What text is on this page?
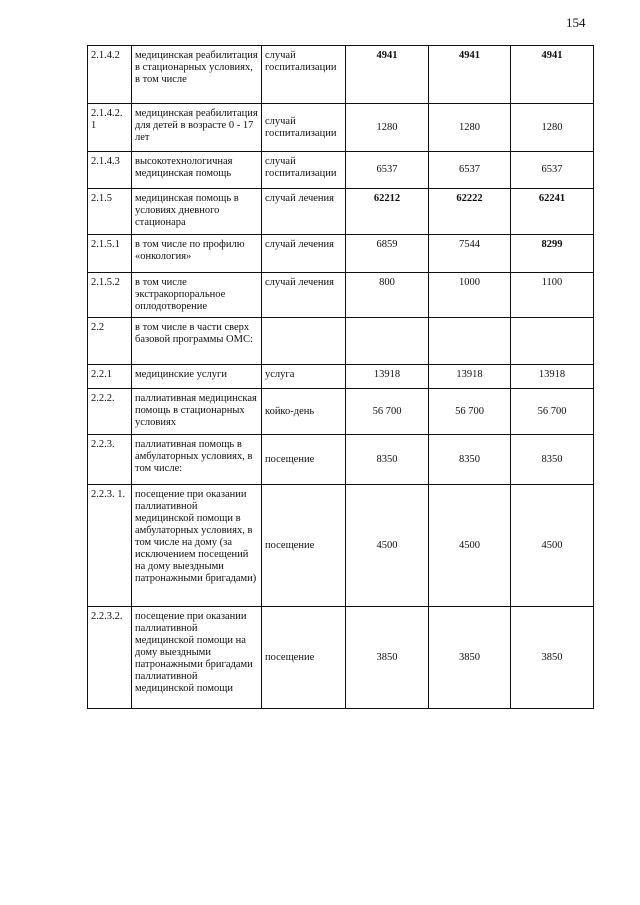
154
2.1.4.2	медицинская реабилитация в стационарных условиях, в том числе	случай госпитализации	4941	4941	4941
2.1.4.2. 1	медицинская реабилитация для детей в возрасте 0 - 17 лет	случай госпитализации	1280	1280	1280
2.1.4.3	высокотехнологичная медицинская помощь	случай госпитализации	6537	6537	6537
2.1.5	медицинская помощь в условиях дневного стационара	случай лечения	62212	62222	62241
2.1.5.1	в том числе по профилю «онкология»	случай лечения	6859	7544	8299
2.1.5.2	в том числе экстракорпоральное оплодотворение	случай лечения	800	1000	1100
2.2	в том числе в части сверх базовой программы ОМС:				
2.2.1	медицинские услуги	услуга	13918	13918	13918
2.2.2.	паллиативная медицинская помощь в стационарных условиях	койко-день	56 700	56 700	56 700
2.2.3.	паллиативная помощь в амбулаторных условиях, в том числе:	посещение	8350	8350	8350
2.2.3. 1.	посещение при оказании паллиативной медицинской помощи в амбулаторных условиях, в том числе на дому (за исключением посещений на дому выездными патронажными бригадами)	посещение	4500	4500	4500
2.2.3.2.	посещение при оказании паллиативной медицинской помощи на дому выездными патронажными бригадами паллиативной медицинской помощи	посещение	3850	3850	3850
